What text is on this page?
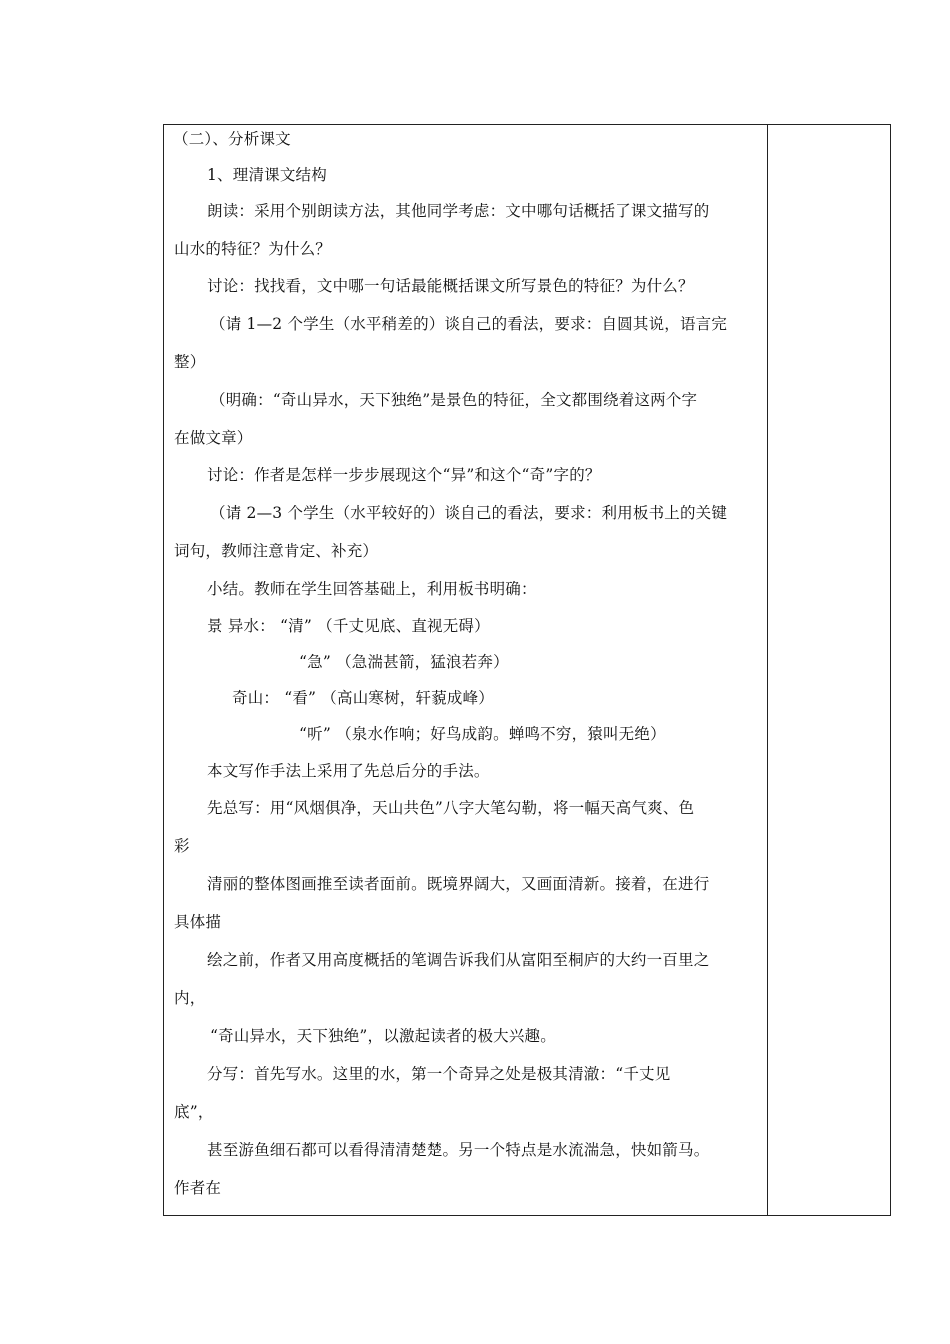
（二）、分析课文
1、理清课文结构
朗读：采用个别朗读方法，其他同学考虑：文中哪句话概括了课文描写的
山水的特征？为什么？
讨论：找找看，文中哪一句话最能概括课文所写景色的特征？为什么？
（请 1—2 个学生（水平稍差的）谈自己的看法，要求：自圆其说，语言完
整）
（明确：“奇山异水，天下独绝”是景色的特征，全文都围绕着这两个字
在做文章）
讨论：作者是怎样一步步展现这个“异”和这个“奇”字的？
（请 2—3 个学生（水平较好的）谈自己的看法，要求：利用板书上的关键
词句，教师注意肯定、补充）
小结。教师在学生回答基础上，利用板书明确：
景 异水： “清” （千丈见底、直视无碍）
“急” （急湍甚箭，猛浪若奔）
奇山： “看” （高山寒树，轩藐成峰）
“听” （泉水作响；好鸟成韵。蝉鸣不穷，猿叫无绝）
本文写作手法上采用了先总后分的手法。
先总写：用“风烟俱净，天山共色”八字大笔勾勒，将一幅天高气爽、色
彩
清丽的整体图画推至读者面前。既境界阔大，又画面清新。接着，在进行
具体描
绘之前，作者又用高度概括的笔调告诉我们从富阳至桐庐的大约一百里之
内，
“奇山异水，天下独绝”，以激起读者的极大兴趣。
分写：首先写水。这里的水，第一个奇异之处是极其清澈：“千丈见
底”，
甚至游鱼细石都可以看得清清楚楚。另一个特点是水流湍急，快如箭马。
作者在
